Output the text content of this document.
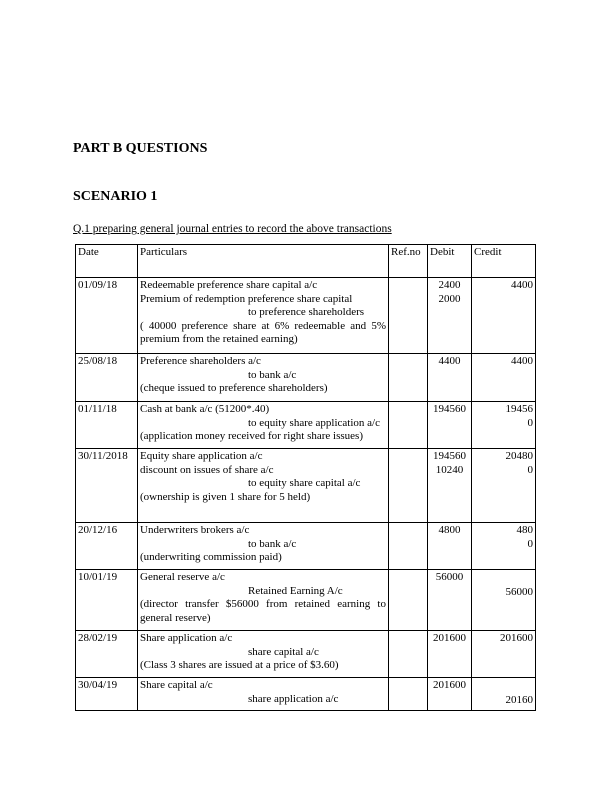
PART B QUESTIONS
SCENARIO 1

Q.1 preparing general journal entries to record the above transactions

Date	Particulars	Ref.no	Debit	Credit
01/09/18	Redeemable preference share capital a/c
Premium of redemption preference share capital
to preference shareholders
( 40000 preference share at 6% redeemable and 5% premium from the retained earning)		2400
2000	4400

25/08/18	Preference shareholders a/c
to bank a/c
(cheque issued to preference shareholders)		4400	4400

01/11/18	Cash at bank a/c (51200*.40)
to equity share application a/c
(application money received for right share issues)		194560	19456
0

30/11/2018	Equity share application a/c
discount on issues of share a/c
to equity share capital a/c
(ownership is given 1 share for 5 held)		194560
10240	20480
0

20/12/16	Underwriters brokers a/c
to bank a/c
(underwriting commission paid)		4800	480
0

10/01/19	General reserve a/c
Retained Earning A/c
(director transfer $56000 from retained earning to general reserve)		56000	56000

28/02/19	Share application a/c
share capital a/c
(Class 3 shares are issued at a price of $3.60)		201600	201600

30/04/19	Share capital a/c
share application a/c		201600	20160
